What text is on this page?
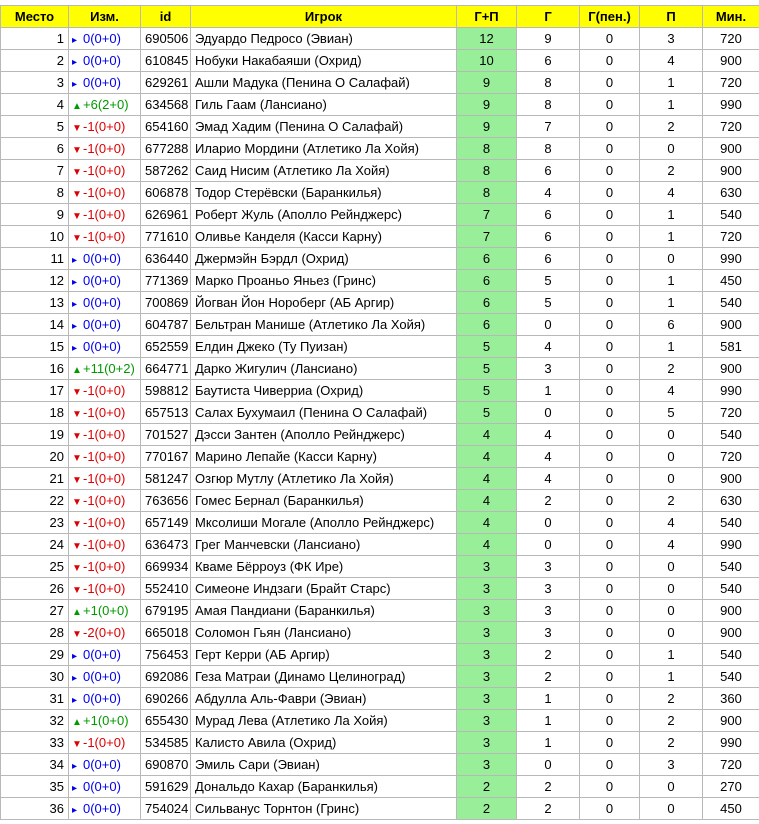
Место	Изм.	id	Игрок	Г+П	Г	Г(пен.)	П	Мин.
1	▸ 0(0+0)	690506	Эдуардо Педросо (Эвиан)	12	9	0	3	720
2	▸ 0(0+0)	610845	Нобуки Накабаяши (Охрид)	10	6	0	4	900
3	▸ 0(0+0)	629261	Ашли Мадука (Пенина О Салафай)	9	8	0	1	720
4	▲+6(2+0)	634568	Гиль Гаам (Лансиано)	9	8	0	1	990
5	▼-1(0+0)	654160	Эмад Хадим (Пенина О Салафай)	9	7	0	2	720
6	▼-1(0+0)	677288	Иларио Мордини (Атлетико Ла Хойя)	8	8	0	0	900
7	▼-1(0+0)	587262	Саид Нисим (Атлетико Ла Хойя)	8	6	0	2	900
8	▼-1(0+0)	606878	Тодор Стерёвски (Баранкилья)	8	4	0	4	630
9	▼-1(0+0)	626961	Роберт Жуль (Аполло Рейнджерс)	7	6	0	1	540
10	▼-1(0+0)	771610	Оливье Канделя (Касси Карну)	7	6	0	1	720
11	▸ 0(0+0)	636440	Джермэйн Бэрдл (Охрид)	6	6	0	0	990
12	▸ 0(0+0)	771369	Марко Проаньо Яньез (Гринс)	6	5	0	1	450
13	▸ 0(0+0)	700869	Йогван Йон Нороберг (АБ Аргир)	6	5	0	1	540
14	▸ 0(0+0)	604787	Бельтран Манише (Атлетико Ла Хойя)	6	0	0	6	900
15	▸ 0(0+0)	652559	Елдин Джеко (Ту Пуизан)	5	4	0	1	581
16	▲+11(0+2)	664771	Дарко Жигулич (Лансиано)	5	3	0	2	900
17	▼-1(0+0)	598812	Баутиста Чиверриа (Охрид)	5	1	0	4	990
18	▼-1(0+0)	657513	Салах Бухумаил (Пенина О Салафай)	5	0	0	5	720
19	▼-1(0+0)	701527	Дэсси Зантен (Аполло Рейнджерс)	4	4	0	0	540
20	▼-1(0+0)	770167	Марино Лепайе (Касси Карну)	4	4	0	0	720
21	▼-1(0+0)	581247	Озгюр Мутлу (Атлетико Ла Хойя)	4	4	0	0	900
22	▼-1(0+0)	763656	Гомес Бернал (Баранкилья)	4	2	0	2	630
23	▼-1(0+0)	657149	Мксолиши Могале (Аполло Рейнджерс)	4	0	0	4	540
24	▼-1(0+0)	636473	Грег Манчевски (Лансиано)	4	0	0	4	990
25	▼-1(0+0)	669934	Кваме Бёрроуз (ФК Ире)	3	3	0	0	540
26	▼-1(0+0)	552410	Симеоне Индзаги (Брайт Старс)	3	3	0	0	540
27	▲+1(0+0)	679195	Амая Пандиани (Баранкилья)	3	3	0	0	900
28	▼-2(0+0)	665018	Соломон Гьян (Лансиано)	3	3	0	0	900
29	▸ 0(0+0)	756453	Герт Керри (АБ Аргир)	3	2	0	1	540
30	▸ 0(0+0)	692086	Геза Матраи (Динамо Целиноград)	3	2	0	1	540
31	▸ 0(0+0)	690266	Абдулла Аль-Фаври (Эвиан)	3	1	0	2	360
32	▲+1(0+0)	655430	Мурад Лева (Атлетико Ла Хойя)	3	1	0	2	900
33	▼-1(0+0)	534585	Калисто Авила (Охрид)	3	1	0	2	990
34	▸ 0(0+0)	690870	Эмиль Сари (Эвиан)	3	0	0	3	720
35	▸ 0(0+0)	591629	Дональдо Кахар (Баранкилья)	2	2	0	0	270
36	▸ 0(0+0)	754024	Сильванус Торнтон (Гринс)	2	2	0	0	450
